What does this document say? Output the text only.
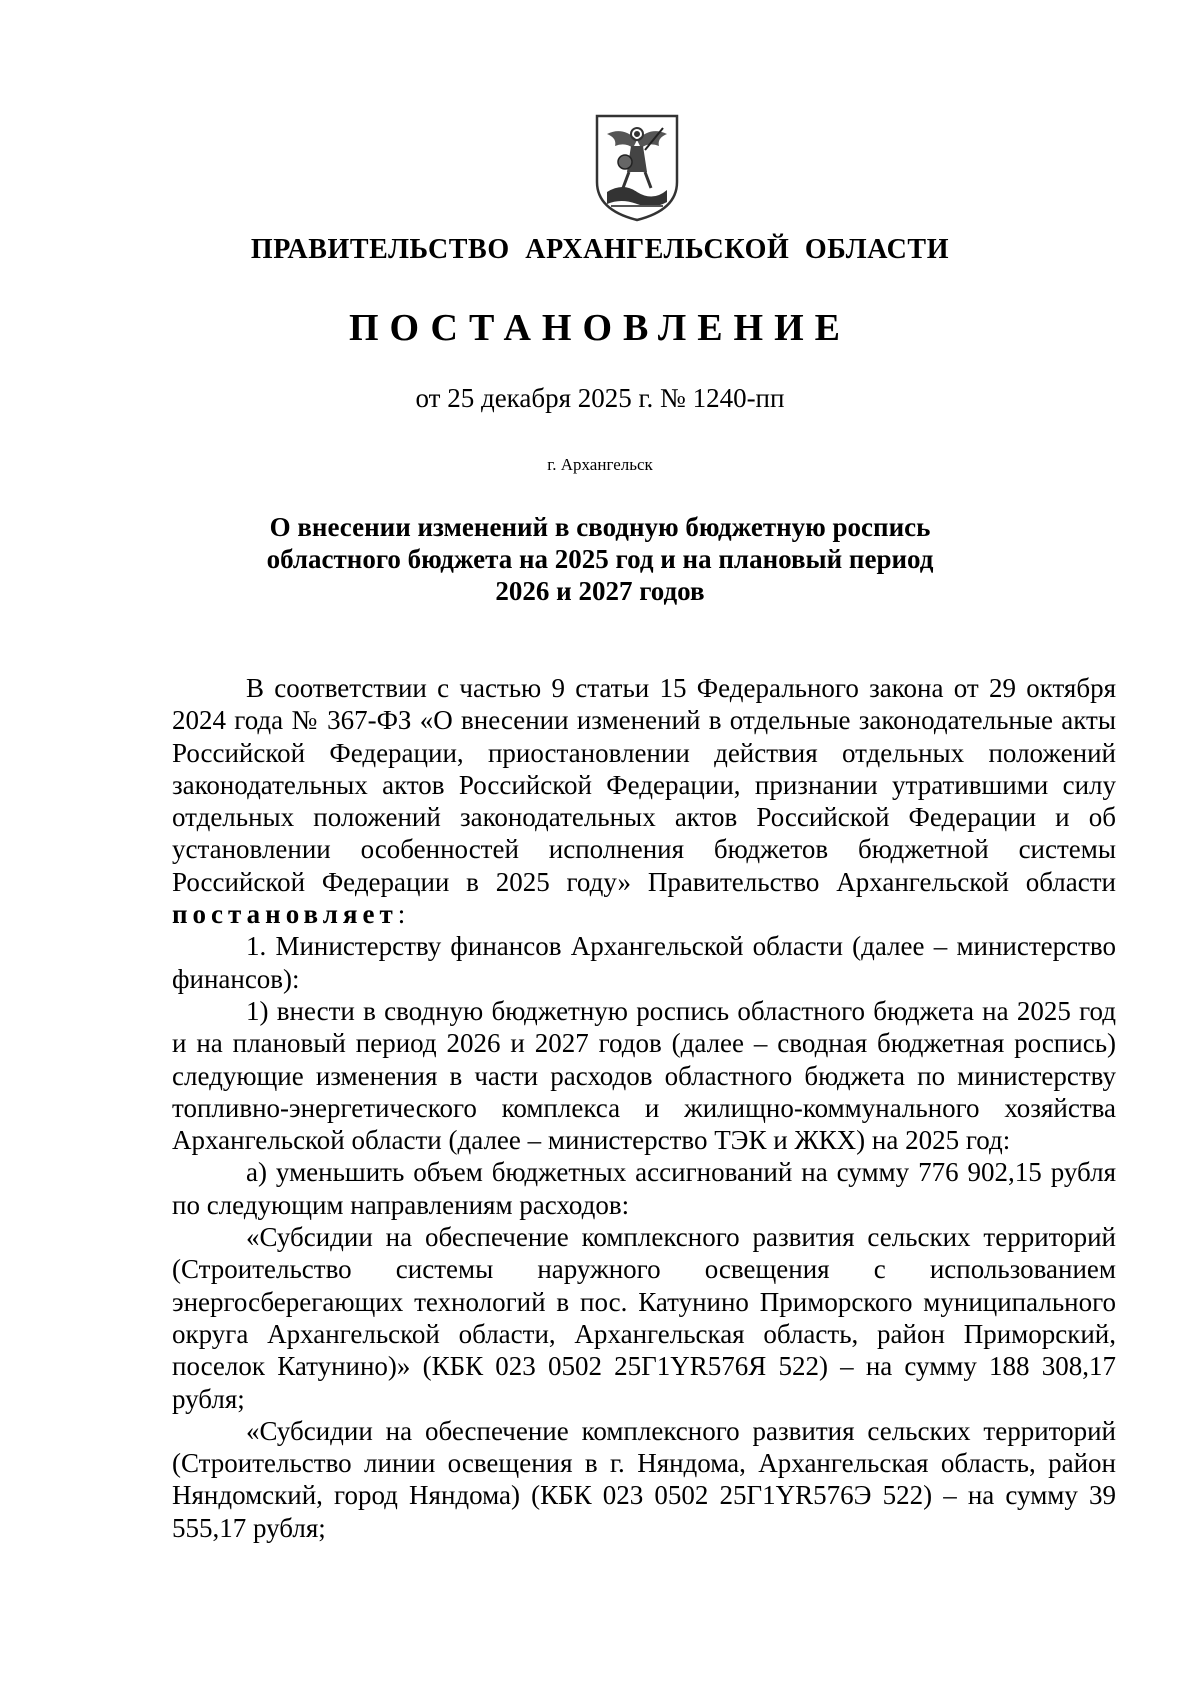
ПРАВИТЕЛЬСТВО АРХАНГЕЛЬСКОЙ ОБЛАСТИ
ПОСТАНОВЛЕНИЕ
от 25 декабря 2025 г. № 1240-пп
г. Архангельск
О внесении изменений в сводную бюджетную роспись
областного бюджета на 2025 год и на плановый период
2026 и 2027 годов

В соответствии с частью 9 статьи 15 Федерального закона от 29 октября 2024 года № 367-ФЗ «О внесении изменений в отдельные законодательные акты Российской Федерации, приостановлении действия отдельных положений законодательных актов Российской Федерации, признании утратившими силу отдельных положений законодательных актов Российской Федерации и об установлении особенностей исполнения бюджетов бюджетной системы Российской Федерации в 2025 году» Правительство Архангельской области постановляет:

1. Министерству финансов Архангельской области (далее – министерство финансов):

1) внести в сводную бюджетную роспись областного бюджета на 2025 год и на плановый период 2026 и 2027 годов (далее – сводная бюджетная роспись) следующие изменения в части расходов областного бюджета по министерству топливно-энергетического комплекса и жилищно-коммунального хозяйства Архангельской области (далее – министерство ТЭК и ЖКХ) на 2025 год:

а) уменьшить объем бюджетных ассигнований на сумму 776 902,15 рубля по следующим направлениям расходов:

«Субсидии на обеспечение комплексного развития сельских территорий (Строительство системы наружного освещения с использованием энергосберегающих технологий в пос. Катунино Приморского муниципального округа Архангельской области, Архангельская область, район Приморский, поселок Катунино)» (КБК 023 0502 25Г1YR576Я 522) – на сумму 188 308,17 рубля;

«Субсидии на обеспечение комплексного развития сельских территорий (Строительство линии освещения в г. Няндома, Архангельская область, район Няндомский, город Няндома) (КБК 023 0502 25Г1YR576Э 522) – на сумму 39 555,17 рубля;
